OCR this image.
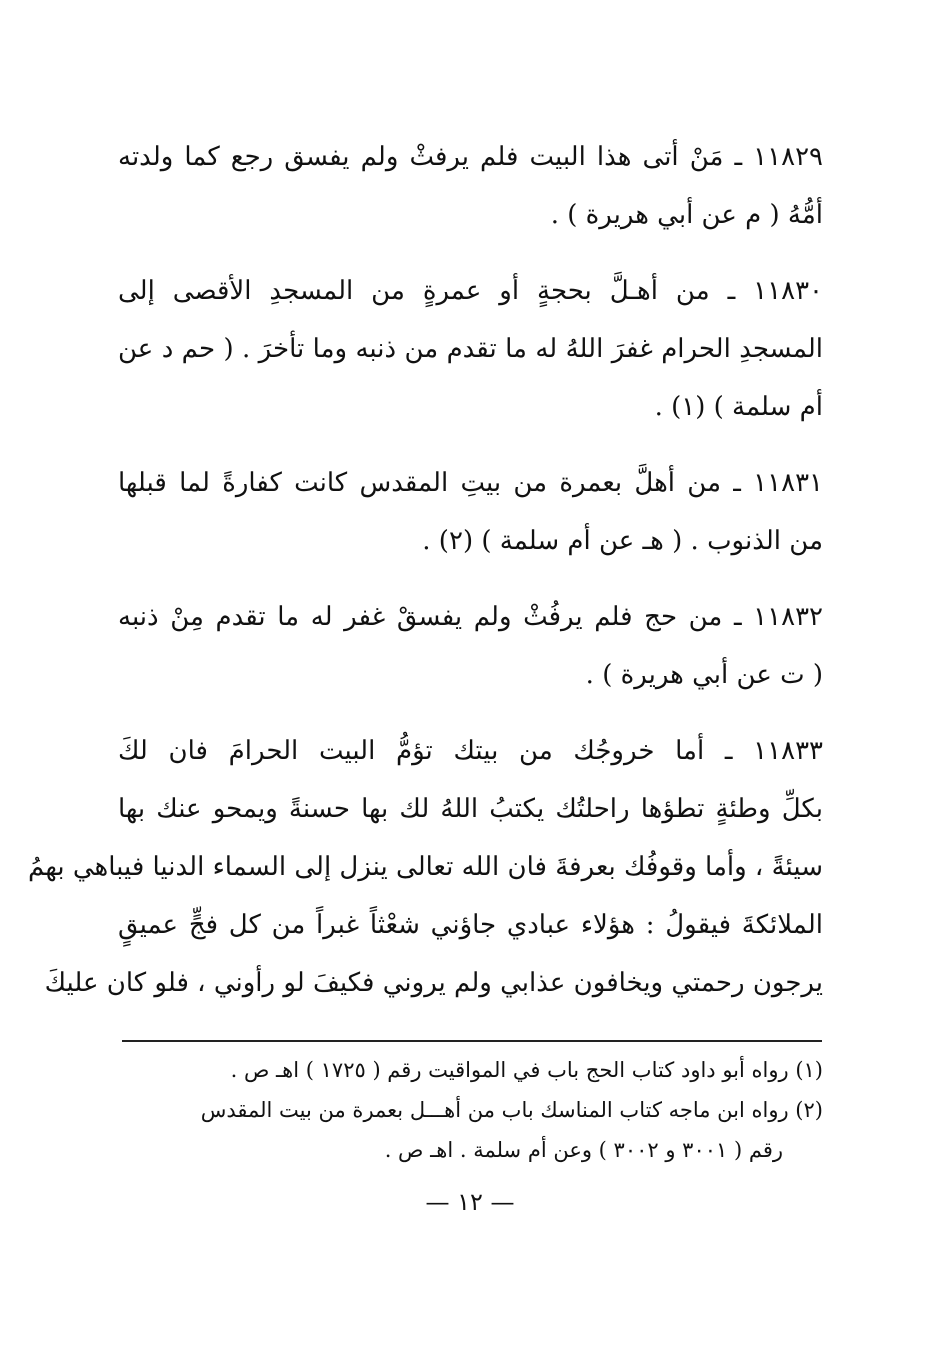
١١٨٢٩ ـ مَنْ أتى هذا البيت فلم يرفثْ ولم يفسق رجع كما ولدته
أمُّهُ ( م عن أبي هريرة ) .
١١٨٣٠ ـ من أهـلَّ بحجةٍ أو عمرةٍ من المسجدِ الأقصى إلى
المسجدِ الحرام غفرَ اللهُ له ما تقدم من ذنبه وما تأخرَ . ( حم د عن
أم سلمة ) (١) .
١١٨٣١ ـ من أهلَّ بعمرة من بيتِ المقدس كانت كفارةً لما قبلها
من الذنوب . ( هـ عن أم سلمة ) (٢) .
١١٨٣٢ ـ من حج فلم يرفُثْ ولم يفسقْ غفر له ما تقدم مِنْ ذنبه
( ت عن أبي هريرة ) .
١١٨٣٣ ـ أما خروجُك من بيتك تؤمُّ البيت الحرامَ فان لكَ
بكلِّ وطئةٍ تطؤها راحلتُك يكتبُ اللهُ لك بها حسنةً ويمحو عنك بها
سيئةً ، وأما وقوفُك بعرفةَ فان الله تعالى ينزل إلى السماء الدنيا فيباهي بهمُ
الملائكةَ فيقولُ : هؤلاء عبادي جاؤني شعْثاً غبراً من كل فجٍّ عميقٍ
يرجون رحمتي ويخافون عذابي ولم يروني فكيفَ لو رأوني ، فلو كان عليكَ
(١) رواه أبو داود كتاب الحج باب في المواقيت رقم ( ١٧٢٥ ) اهـ ص .
(٢) رواه ابن ماجه كتاب المناسك باب من أهـــل بعمرة من بيت المقدس
رقم ( ٣٠٠١ و ٣٠٠٢ ) وعن أم سلمة . اهـ ص .
— ١٢ —
